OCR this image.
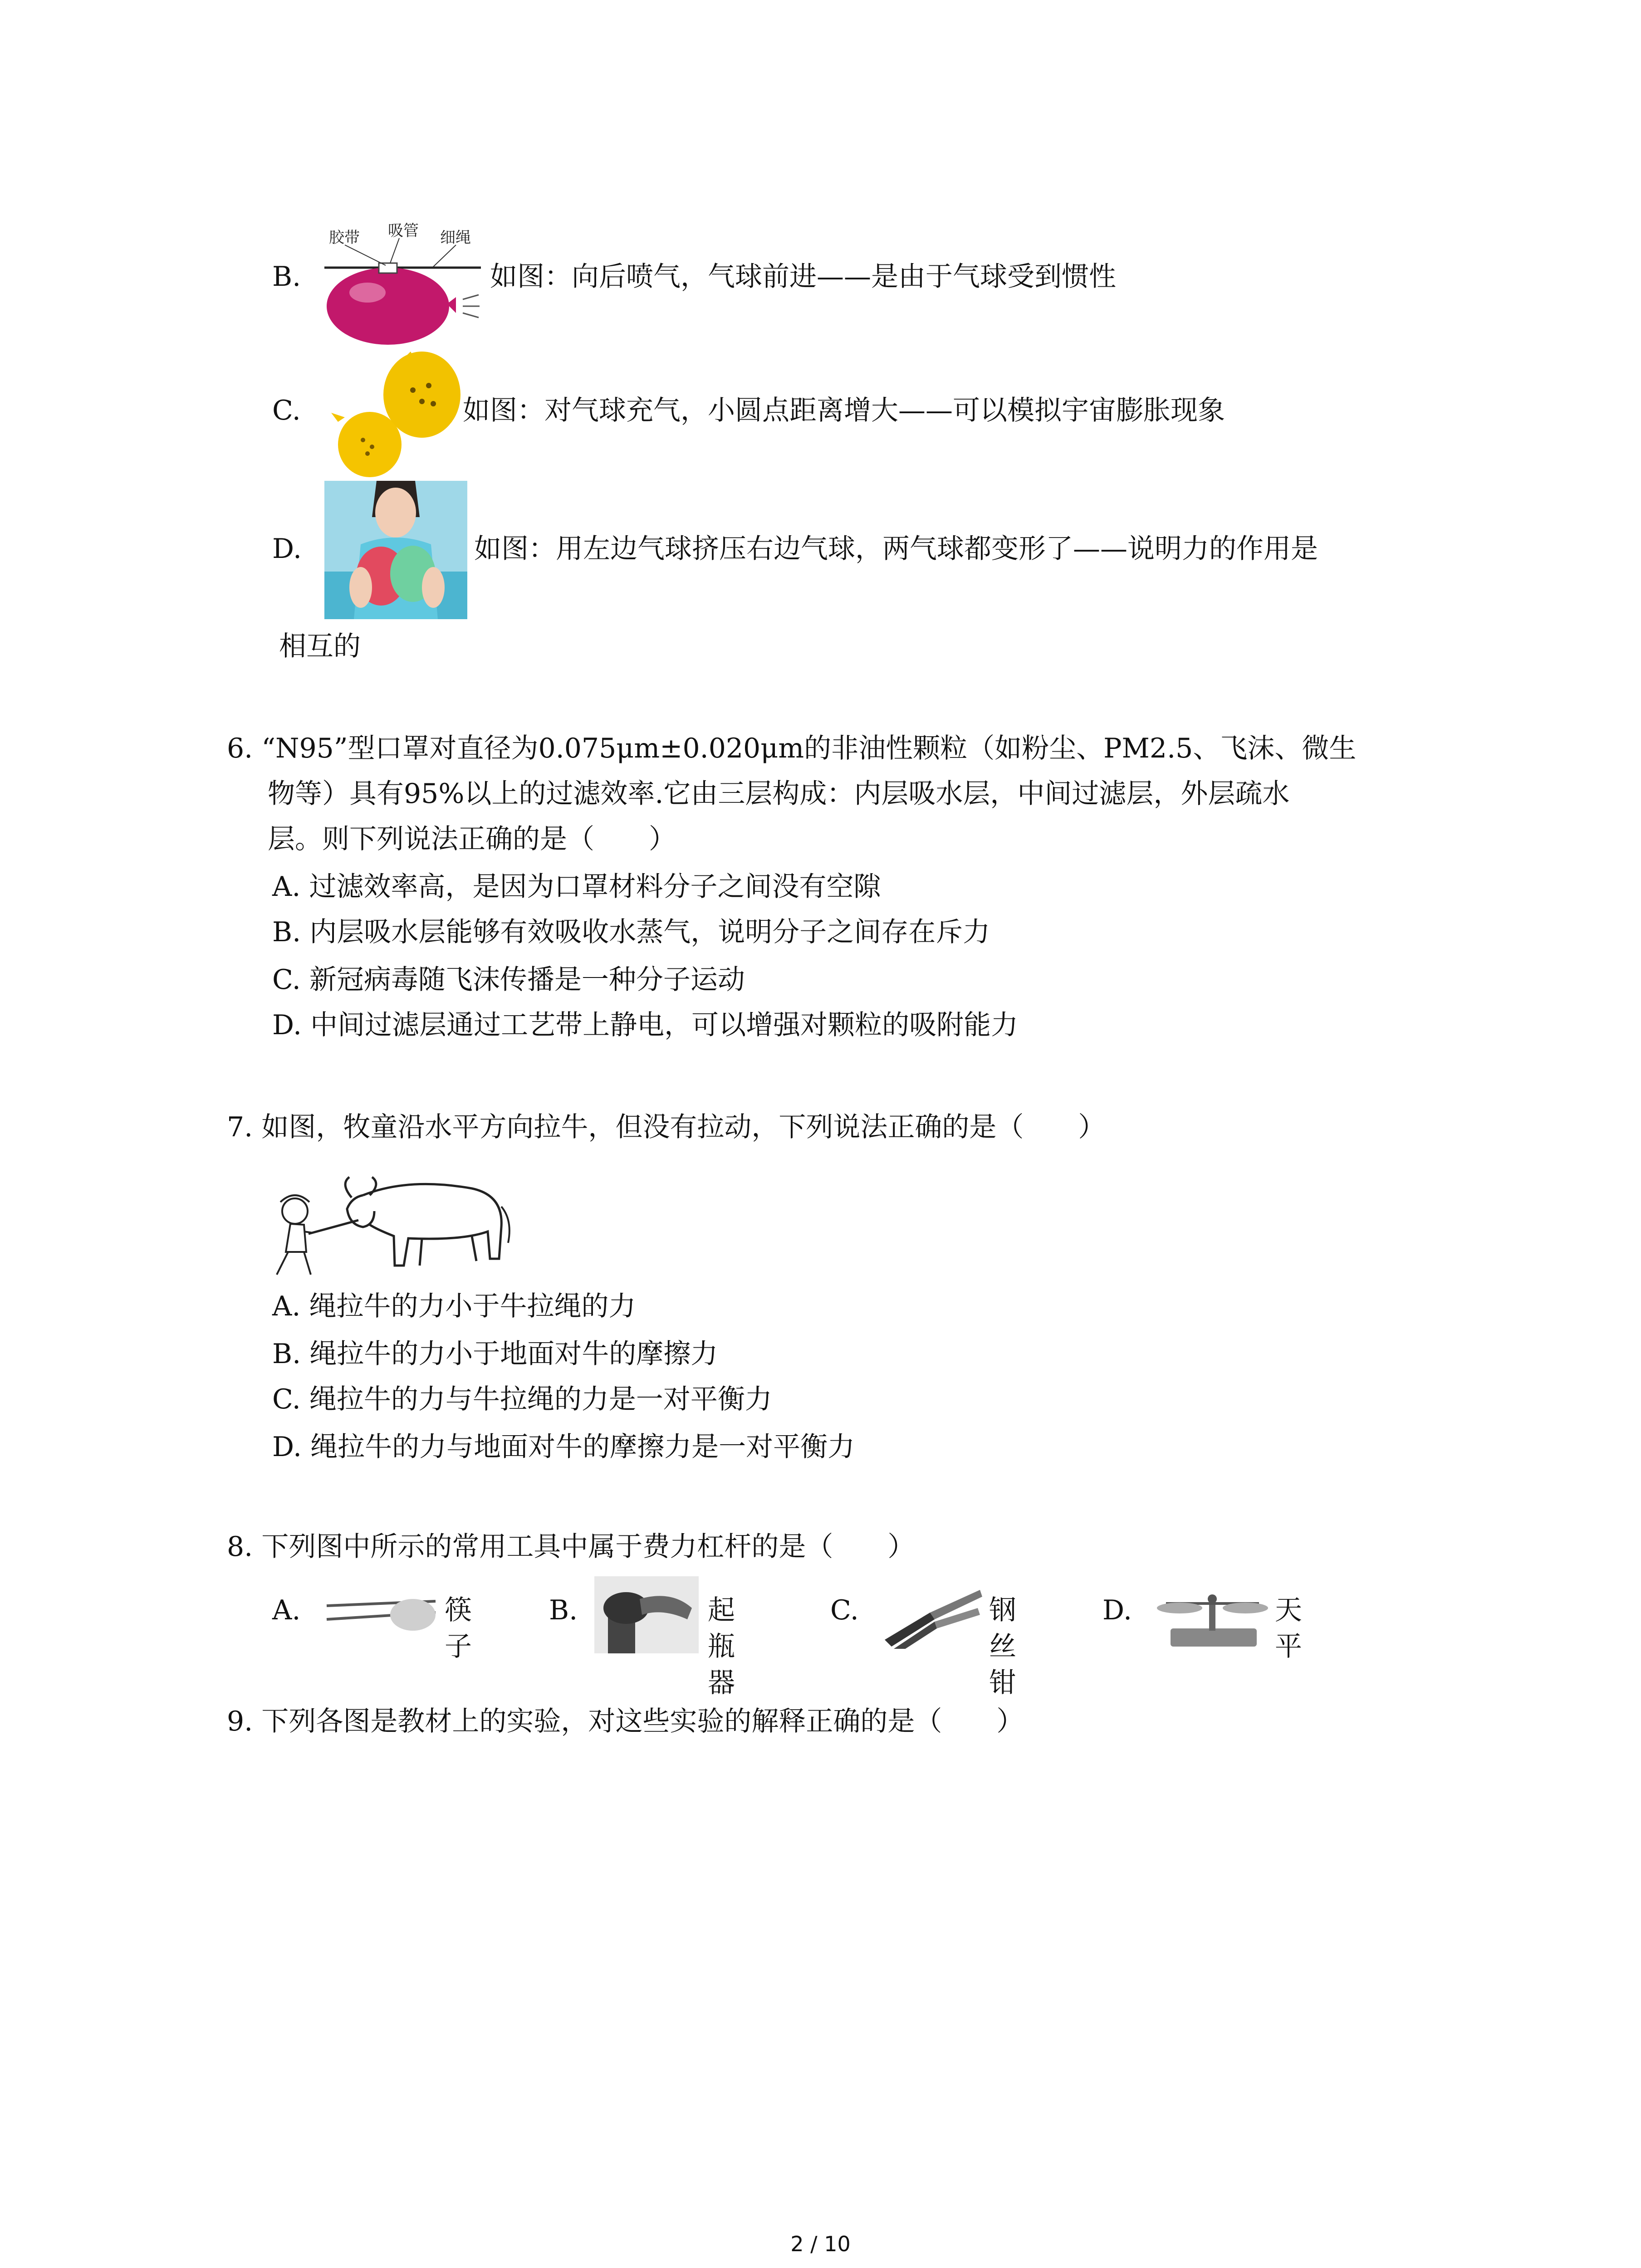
B.
胶带 吸管 细绳
如图：向后喷气，气球前进——是由于气球受到惯性
C.	如图：对气球充气，小圆点距离增大——可以模拟宇宙膨胀现象
D.	如图：用左边气球挤压右边气球，两气球都变形了——说明力的作用是
相互的
6. “N95”型口罩对直径为0.075μm±0.020μm的非油性颗粒（如粉尘、PM2.5、飞沫、微生
物等）具有95%以上的过滤效率.它由三层构成：内层吸水层，中间过滤层，外层疏水
层。则下列说法正确的是（　　）
A. 过滤效率高，是因为口罩材料分子之间没有空隙
B. 内层吸水层能够有效吸收水蒸气，说明分子之间存在斥力
C. 新冠病毒随飞沫传播是一种分子运动
D. 中间过滤层通过工艺带上静电，可以增强对颗粒的吸附能力
7. 如图，牧童沿水平方向拉牛，但没有拉动，下列说法正确的是（　　）
A. 绳拉牛的力小于牛拉绳的力
B. 绳拉牛的力小于地面对牛的摩擦力
C. 绳拉牛的力与牛拉绳的力是一对平衡力
D. 绳拉牛的力与地面对牛的摩擦力是一对平衡力
8. 下列图中所示的常用工具中属于费力杠杆的是（　　）
A.	筷子
B.	起瓶器
C.	钢丝钳
D.	天平
9. 下列各图是教材上的实验，对这些实验的解释正确的是（　　）
2 / 10
